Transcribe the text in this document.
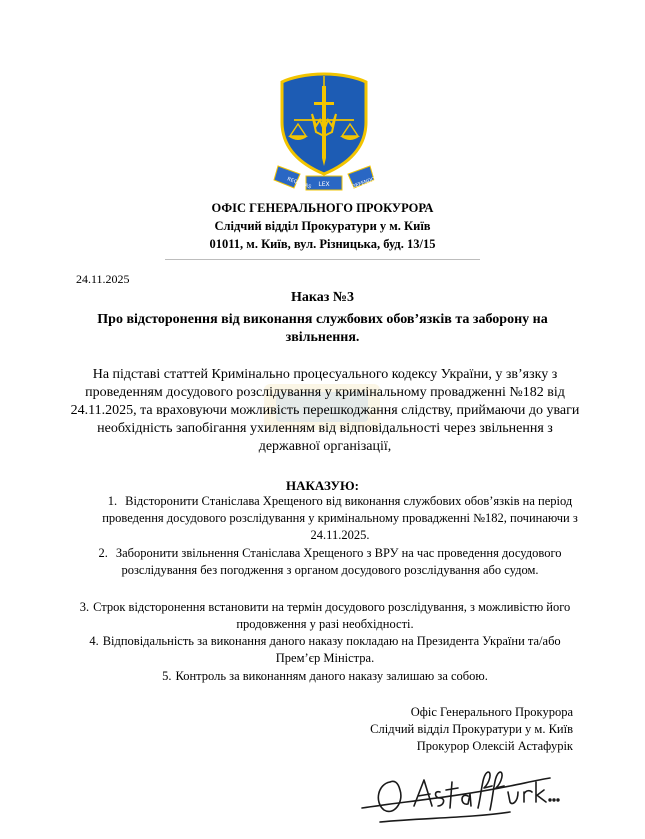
REQUITAS LEX	DEFENDO
ОФІС ГЕНЕРАЛЬНОГО ПРОКУРОРА
Слідчий відділ Прокуратури у м. Київ
01011, м. Київ, вул. Різницька, буд. 13/15
24.11.2025
Наказ №3
Про відсторонення від виконання службових обов’язків та заборону на звільнення.
На підставі статтей Кримінально процесуального кодексу України, у зв’язку з проведенням досудового розслідування у кримінальному провадженні №182 від 24.11.2025, та враховуючи можливість перешкоджання слідству, приймаючи до уваги необхідність запобігання ухиленням від відповідальності через звільнення з державної організації,
НАКАЗУЮ:
1. Відсторонити Станіслава Хрещеного від виконання службових обов’язків на період проведення досудового розслідування у кримінальному провадженні №182, починаючи з 24.11.2025.
2. Заборонити звільнення Станіслава Хрещеного з ВРУ на час проведення досудового розслідування без погодження з органом досудового розслідування або судом.
3. Строк відсторонення встановити на термін досудового розслідування, з можливістю його продовження у разі необхідності.
4. Відповідальність за виконання даного наказу покладаю на Президента України та/або Прем’єр Міністра.
5. Контроль за виконанням даного наказу залишаю за собою.
Офіс Генерального Прокурора
Слідчий відділ Прокуратури у м. Київ
Прокурор Олексій Астафурік
